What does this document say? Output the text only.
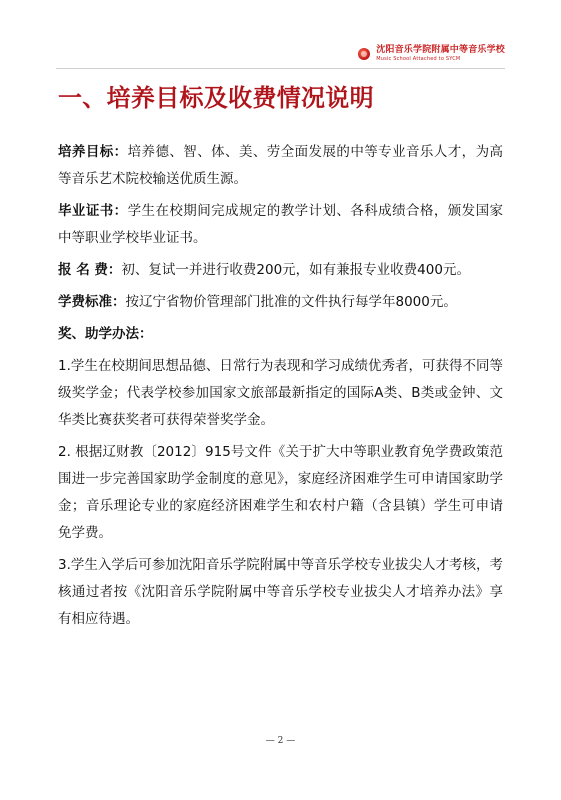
沈阳音乐学院附属中等音乐学校
Music School Attached to SYCM
一、培养目标及收费情况说明

培养目标：培养德、智、体、美、劳全面发展的中等专业音乐人才，为高等音乐艺术院校输送优质生源。

毕业证书：学生在校期间完成规定的教学计划、各科成绩合格，颁发国家中等职业学校毕业证书。

报 名 费：初、复试一并进行收费200元，如有兼报专业收费400元。

学费标准：按辽宁省物价管理部门批准的文件执行每学年8000元。

奖、助学办法：

1.学生在校期间思想品德、日常行为表现和学习成绩优秀者，可获得不同等级奖学金；代表学校参加国家文旅部最新指定的国际A类、B类或金钟、文华类比赛获奖者可获得荣誉奖学金。

2. 根据辽财教〔2012〕915号文件《关于扩大中等职业教育免学费政策范围进一步完善国家助学金制度的意见》，家庭经济困难学生可申请国家助学金；音乐理论专业的家庭经济困难学生和农村户籍（含县镇）学生可申请免学费。

3.学生入学后可参加沈阳音乐学院附属中等音乐学校专业拔尖人才考核，考核通过者按《沈阳音乐学院附属中等音乐学校专业拔尖人才培养办法》享有相应待遇。

— 2 —
